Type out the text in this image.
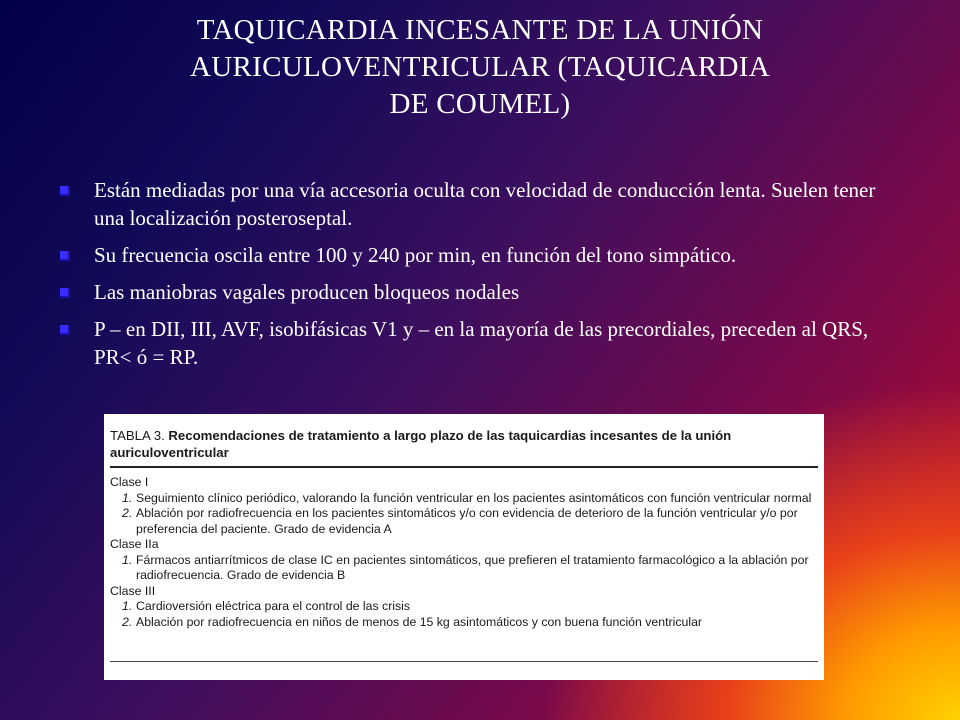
TAQUICARDIA INCESANTE DE LA UNIÓN
AURICULOVENTRICULAR (TAQUICARDIA
DE COUMEL)
Están mediadas por una vía accesoria oculta con velocidad de conducción lenta. Suelen tener una localización posteroseptal.
Su frecuencia oscila entre 100 y 240 por min, en función del tono simpático.
Las maniobras vagales producen bloqueos nodales
P – en DII, III, AVF, isobifásicas V1 y – en la mayoría de las precordiales, preceden al QRS, PR< ó = RP.
TABLA 3. Recomendaciones de tratamiento a largo plazo de las taquicardias incesantes de la unión auriculoventricular
Clase I
1. Seguimiento clínico periódico, valorando la función ventricular en los pacientes asintomáticos con función ventricular normal
2. Ablación por radiofrecuencia en los pacientes sintomáticos y/o con evidencia de deterioro de la función ventricular y/o por preferencia del paciente. Grado de evidencia A
Clase IIa
1. Fármacos antiarrítmicos de clase IC en pacientes sintomáticos, que prefieren el tratamiento farmacológico a la ablación por radiofrecuencia. Grado de evidencia B
Clase III
1. Cardioversión eléctrica para el control de las crisis
2. Ablación por radiofrecuencia en niños de menos de 15 kg asintomáticos y con buena función ventricular
